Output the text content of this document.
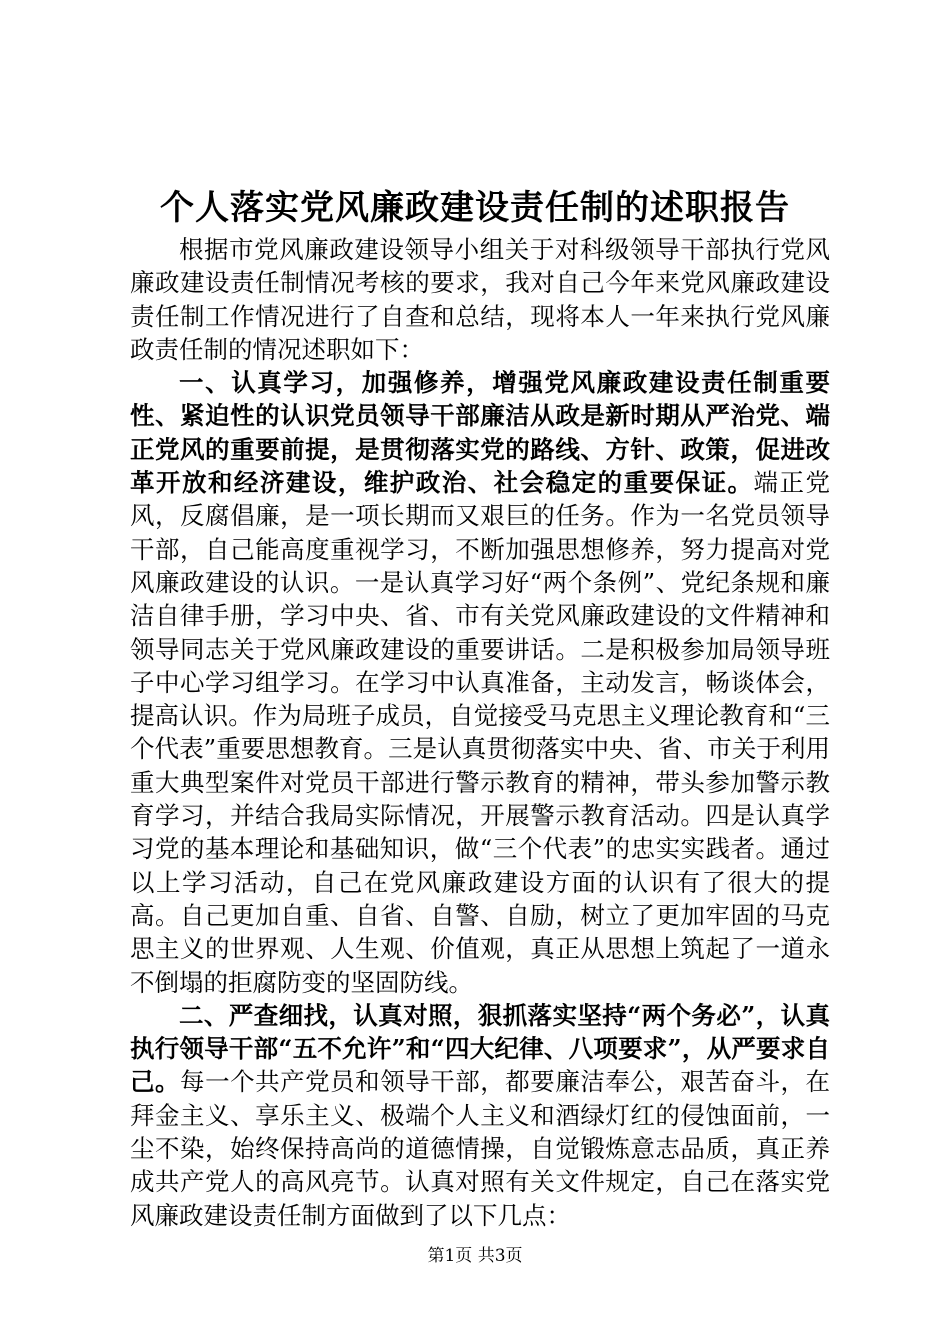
个人落实党风廉政建设责任制的述职报告

根据市党风廉政建设领导小组关于对科级领导干部执行党风廉政建设责任制情况考核的要求，我对自己今年来党风廉政建设责任制工作情况进行了自查和总结，现将本人一年来执行党风廉政责任制的情况述职如下：

一、认真学习，加强修养，增强党风廉政建设责任制重要性、紧迫性的认识党员领导干部廉洁从政是新时期从严治党、端正党风的重要前提，是贯彻落实党的路线、方针、政策，促进改革开放和经济建设，维护政治、社会稳定的重要保证。端正党风，反腐倡廉，是一项长期而又艰巨的任务。作为一名党员领导干部，自己能高度重视学习，不断加强思想修养，努力提高对党风廉政建设的认识。一是认真学习好“两个条例”、党纪条规和廉洁自律手册，学习中央、省、市有关党风廉政建设的文件精神和领导同志关于党风廉政建设的重要讲话。二是积极参加局领导班子中心学习组学习。在学习中认真准备，主动发言，畅谈体会，提高认识。作为局班子成员，自觉接受马克思主义理论教育和“三个代表”重要思想教育。三是认真贯彻落实中央、省、市关于利用重大典型案件对党员干部进行警示教育的精神，带头参加警示教育学习，并结合我局实际情况，开展警示教育活动。四是认真学习党的基本理论和基础知识，做“三个代表”的忠实实践者。通过以上学习活动，自己在党风廉政建设方面的认识有了很大的提高。自己更加自重、自省、自警、自励，树立了更加牢固的马克思主义的世界观、人生观、价值观，真正从思想上筑起了一道永不倒塌的拒腐防变的坚固防线。

二、严查细找，认真对照，狠抓落实坚持“两个务必”，认真执行领导干部“五不允许”和“四大纪律、八项要求”，从严要求自己。每一个共产党员和领导干部，都要廉洁奉公，艰苦奋斗，在拜金主义、享乐主义、极端个人主义和酒绿灯红的侵蚀面前，一尘不染，始终保持高尚的道德情操，自觉锻炼意志品质，真正养成共产党人的高风亮节。认真对照有关文件规定，自己在落实党风廉政建设责任制方面做到了以下几点：

第1页 共3页
